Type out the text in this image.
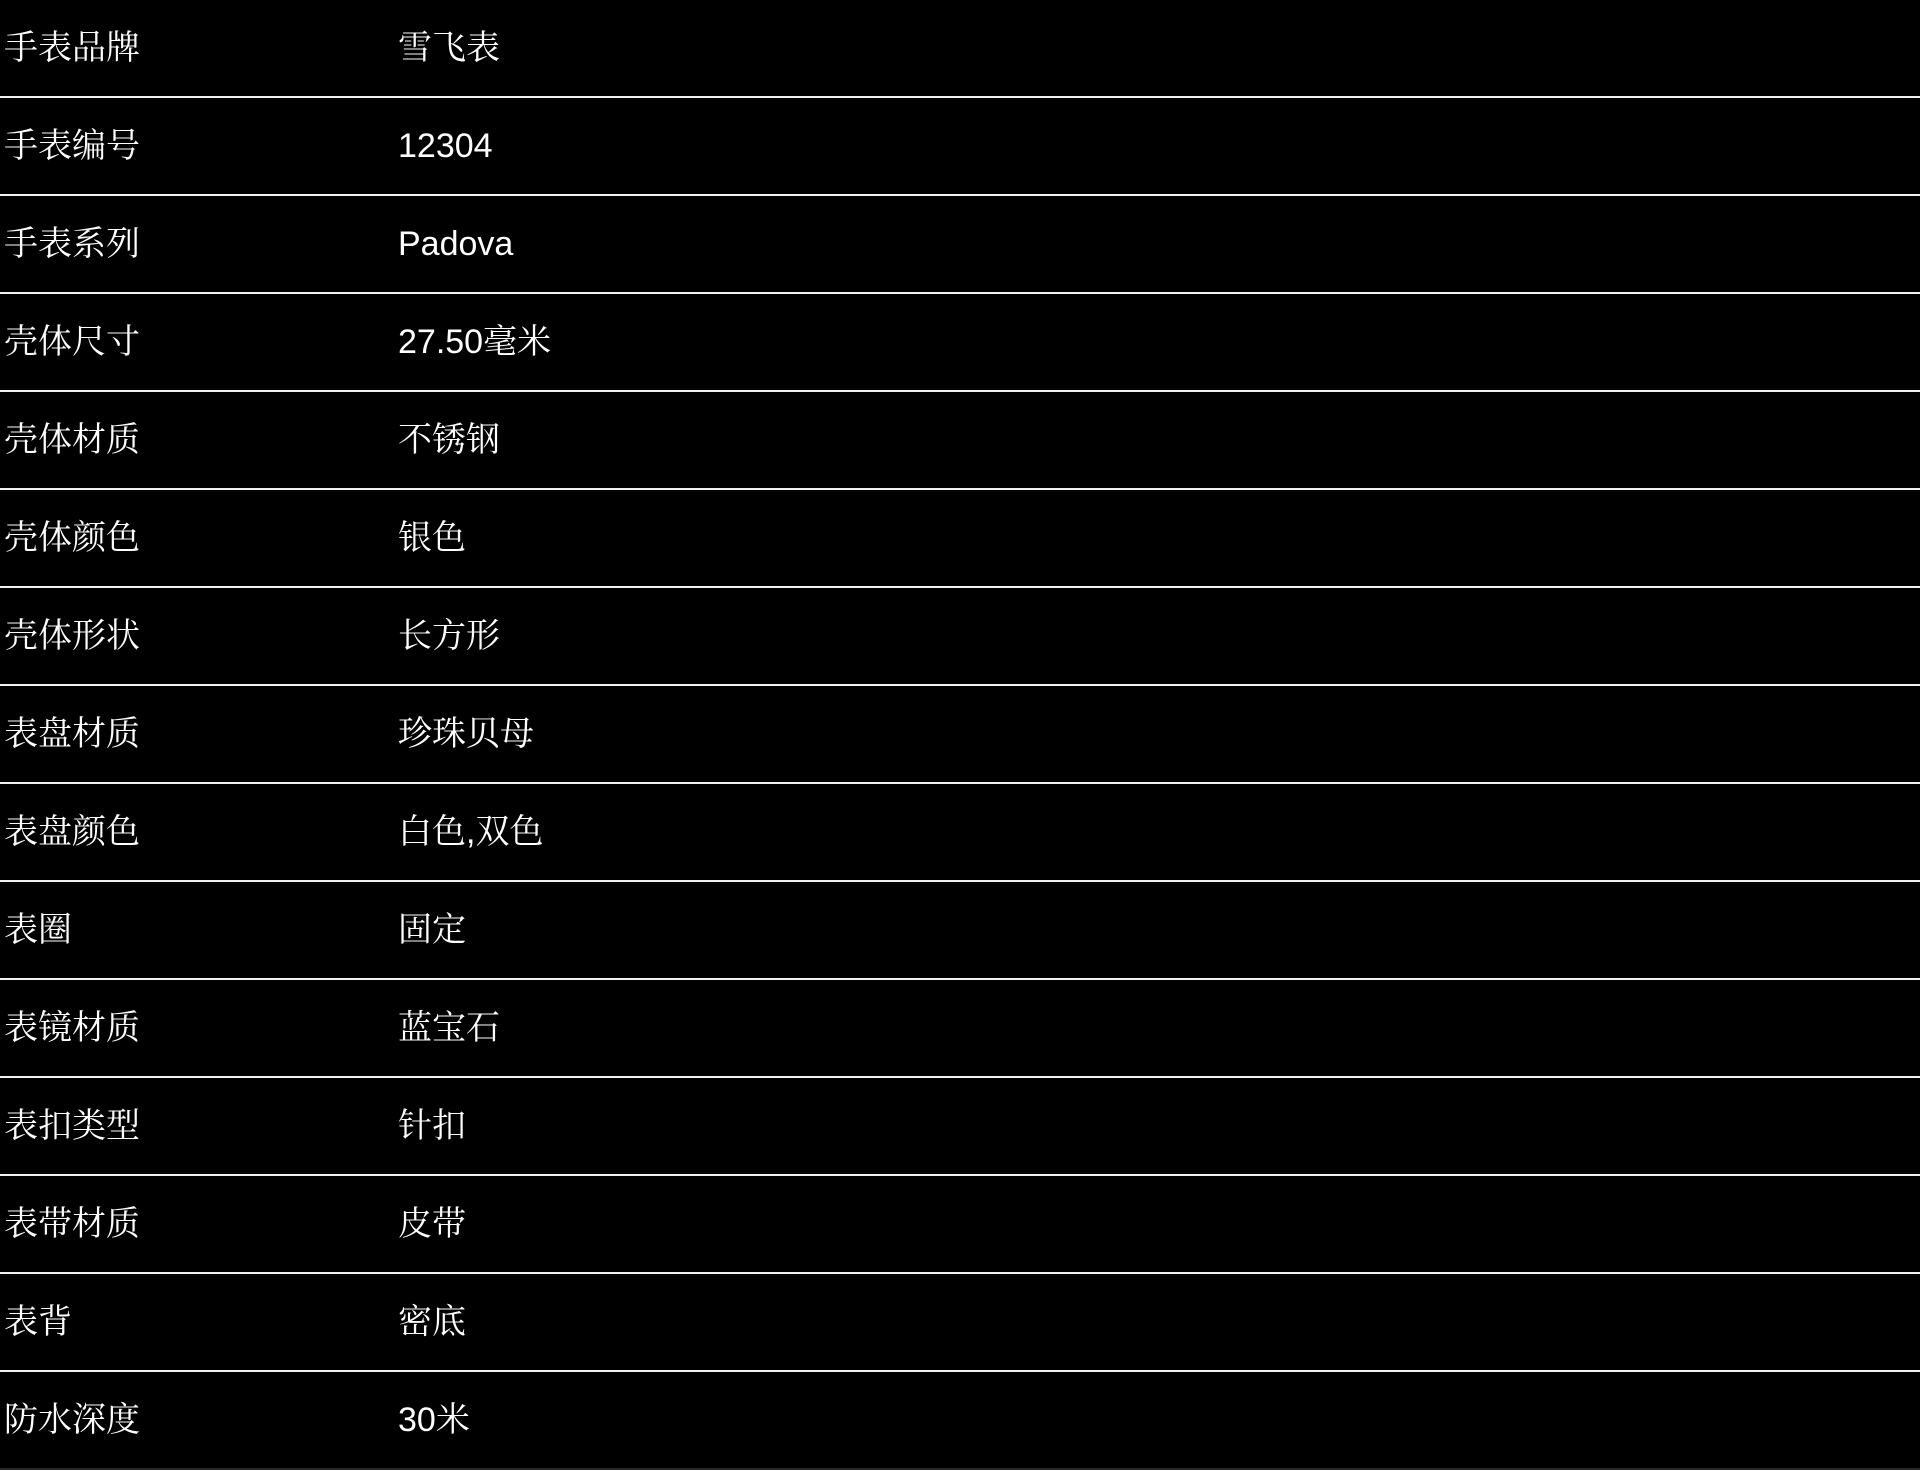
手表品牌	雪飞表
手表编号	12304
手表系列	Padova
壳体尺寸	27.50毫米
壳体材质	不锈钢
壳体颜色	银色
壳体形状	长方形
表盘材质	珍珠贝母
表盘颜色	白色,双色
表圈	固定
表镜材质	蓝宝石
表扣类型	针扣
表带材质	皮带
表背	密底
防水深度	30米
